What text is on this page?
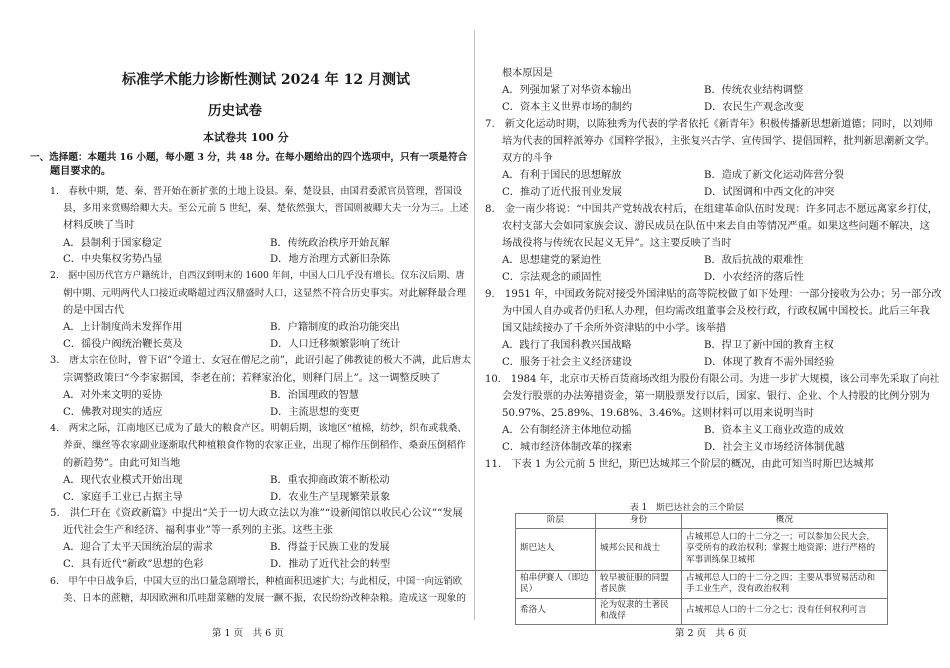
标准学术能力诊断性测试 2024 年 12 月测试
历史试卷
本试卷共 100 分
一、选择题：本题共 16 小题，每小题 3 分，共 48 分。在每小题给出的四个选项中，只有一项是符合
题目要求的。
1.　春秋中期，楚、秦、晋开始在新扩张的土地上设县。秦、楚设县，由国君委派官员管理，晋国设
县，多用来赏赐给卿大夫。至公元前 5 世纪，秦、楚依然强大，晋国则被卿大夫一分为三。上述
材料反映了当时
A．县制利于国家稳定	B．传统政治秩序开始瓦解
C．中央集权劣势凸显	D．地方治理方式新旧杂陈
2.　据中国历代官方户籍统计，自西汉到明末的 1600 年间，中国人口几乎没有增长。仅东汉后期、唐
朝中期、元明两代人口接近或略超过西汉鼎盛时人口，这显然不符合历史事实。对此解释最合理
的是中国古代
A．上计制度尚未发挥作用	B．户籍制度的政治功能突出
C．徭役户阀统治鞭长莫及	D．人口迁移频繁影响了统计
3.　唐太宗在位时，曾下诏“令道士、女冠在僧尼之前”，此诏引起了佛教徒的极大不满，此后唐太
宗调整政策曰“今李家据国，李老在前；若释家治化，则释门居上”。这一调整反映了
A．对外来文明的妥协	B．治国理政的智慧
C．佛教对现实的适应	D．主流思想的变更
4.　两宋之际，江南地区已成为了最大的粮食产区。明朝后期，该地区“植棉，纺纱，织布或栽桑、
养蚕、缫丝等农家副业逐渐取代种植粮食作物的农家正业，出现了棉作压倒稻作、桑蚕压倒稻作
的新趋势”。由此可知当地
A．现代农业模式开始出现	B．重农抑商政策不断松动
C．家庭手工业已占据主导	D．农业生产呈现繁荣景象
5.　洪仁玕在《资政新篇》中提出“关于一切大政立法以为准”“设新闻馆以收民心公议”“发展
近代社会生产和经济、福利事业”等一系列的主张。这些主张
A．迎合了太平天国统治层的需求	B．得益于民族工业的发展
C．具有近代“新政”思想的色彩	D．推动了近代社会的转型
6.　甲午中日战争后，中国大豆的出口量急剧增长，种植面积迅速扩大；与此相反，中国一向远销欧
美、日本的蔗糖，却因欧洲和爪哇甜菜糖的发展一蹶不振，农民纷纷改种杂粮。造成这一现象的
第 1 页　共 6 页
根本原因是
A．列强加紧了对华资本输出	B．传统农业结构调整
C．资本主义世界市场的制约	D．农民生产观念改变
7.　新文化运动时期，以陈独秀为代表的学者依托《新青年》积极传播新思想新道德；同时，以刘师
培为代表的国粹派筹办《国粹学报》，主张复兴古学、宣传国学、提倡国粹，批判新思潮新文学。
双方的斗争
A．有利于国民的思想解放	B．造成了新文化运动阵营分裂
C．推动了近代报刊业发展	D．试图调和中西文化的冲突
8.　金一南少将说：“中国共产党转战农村后，在组建革命队伍时发现：许多同志不愿远离家乡打仗，
农村支部大会如同家族会议、游民成员在队伍中来去自由等情况严重。如果这些问题不解决，这
场战役将与传统农民起义无异”。这主要反映了当时
A．思想建党的紧迫性	B．敌后抗战的艰难性
C．宗法观念的顽固性	D．小农经济的落后性
9.　1951 年，中国政务院对接受外国津贴的高等院校做了如下处理：一部分接收为公办；另一部分改
为中国人自办或者仍归私人办理，但均需改组董事会及校行政，行政权属中国校长。此后三年我
国又陆续接办了千余所外资津贴的中小学。该举措
A．践行了我国科教兴国战略	B．捍卫了新中国的教育主权
C．服务于社会主义经济建设	D．体现了教育不需外国经验
10.　1984 年，北京市天桥百货商场改组为股份有限公司。为进一步扩大规模，该公司率先采取了向社
会发行股票的办法筹措资金，第一期股票发行以后，国家、银行、企业、个人持股的比例分别为
50.97%、25.89%、19.68%、3.46%。这则材料可以用来说明当时
A．公有制经济主体地位动摇	B．资本主义工商业改造的成效
C．城市经济体制改革的探索	D．社会主义市场经济体制优越
11.　下表 1 为公元前 5 世纪，斯巴达城邦三个阶层的概况，由此可知当时斯巴达城邦
第 2 页　共 6 页
表 1　斯巴达社会的三个阶层
阶层	身份	概况
斯巴达人	城邦公民和战士	占城邦总人口的十二分之一；可以参加公民大会，享受所有的政治权利；掌握土地资源；进行严格的军事训练保卫城邦
柏串伊赛人（即边民）	较早被征服的同盟者民族	占城邦总人口的十二分之四；主要从事贸易活动和手工业生产，没有政治权利
希洛人	沦为奴隶的土著民和战俘	占城邦总人口的十二分之七；没有任何权利可言
